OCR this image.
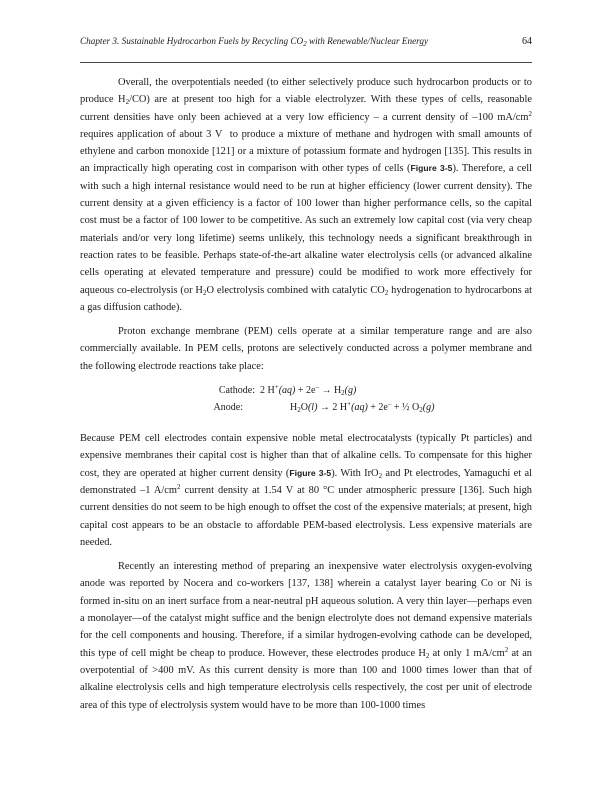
Chapter 3. Sustainable Hydrocarbon Fuels by Recycling $CO_2$ with Renewable/Nuclear Energy	64

Overall, the overpotentials needed (to either selectively produce such hydrocarbon products or to produce $H_2/CO$) are at present too high for a viable electrolyzer. With these types of cells, reasonable current densities have only been achieved at a very low efficiency – a current density of –100 $mA/cm^2$ requires application of about 3 V  to produce a mixture of methane and hydrogen with small amounts of ethylene and carbon monoxide [121] or a mixture of potassium formate and hydrogen [135]. This results in an impractically high operating cost in comparison with other types of cells (Figure 3-5). Therefore, a cell with such a high internal resistance would need to be run at higher efficiency (lower current density). The current density at a given efficiency is a factor of 100 lower than higher performance cells, so the capital cost must be a factor of 100 lower to be competitive. As such an extremely low capital cost (via very cheap materials and/or very long lifetime) seems unlikely, this technology needs a significant breakthrough in reaction rates to be feasible. Perhaps state-of-the-art alkaline water electrolysis cells (or advanced alkaline cells operating at elevated temperature and pressure) could be modified to work more effectively for aqueous co-electrolysis (or $H_2O$ electrolysis combined with catalytic $CO_2$ hydrogenation to hydrocarbons at a gas diffusion cathode).

Proton exchange membrane (PEM) cells operate at a similar temperature range and are also commercially available. In PEM cells, protons are selectively conducted across a polymer membrane and the following electrode reactions take place:

Cathode: 2 $H^+(aq) + 2e^- \to H_2(g)$
Anode:	$H_2O(l) \to 2$ H+(aq) + 2e– + ½ $O_2(g)$

Because PEM cell electrodes contain expensive noble metal electrocatalysts (typically Pt particles) and expensive membranes their capital cost is higher than that of alkaline cells. To compensate for this higher cost, they are operated at higher current density (Figure 3-5). With IrO$_2$ and Pt electrodes, Yamaguchi et al demonstrated –1 $A/cm^2$ current density at 1.54 V at 80 °C under atmospheric pressure [136]. Such high current densities do not seem to be high enough to offset the cost of the expensive materials; at present, high capital cost appears to be an obstacle to affordable PEM-based electrolysis. Less expensive materials are needed.

Recently an interesting method of preparing an inexpensive water electrolysis oxygen-evolving anode was reported by Nocera and co-workers [137, 138] wherein a catalyst layer bearing Co or Ni is formed in-situ on an inert surface from a near-neutral pH aqueous solution. A very thin layer—perhaps even a monolayer—of the catalyst might suffice and the benign electrolyte does not demand expensive materials for the cell components and housing. Therefore, if a similar hydrogen-evolving cathode can be developed, this type of cell might be cheap to produce. However, these electrodes produce $H_2$ at only 1 $mA/cm^2$ at an overpotential of >400 mV. As this current density is more than 100 and 1000 times lower than that of alkaline electrolysis cells and high temperature electrolysis cells respectively, the cost per unit of electrode area of this type of electrolysis system would have to be more than 100-1000 times
